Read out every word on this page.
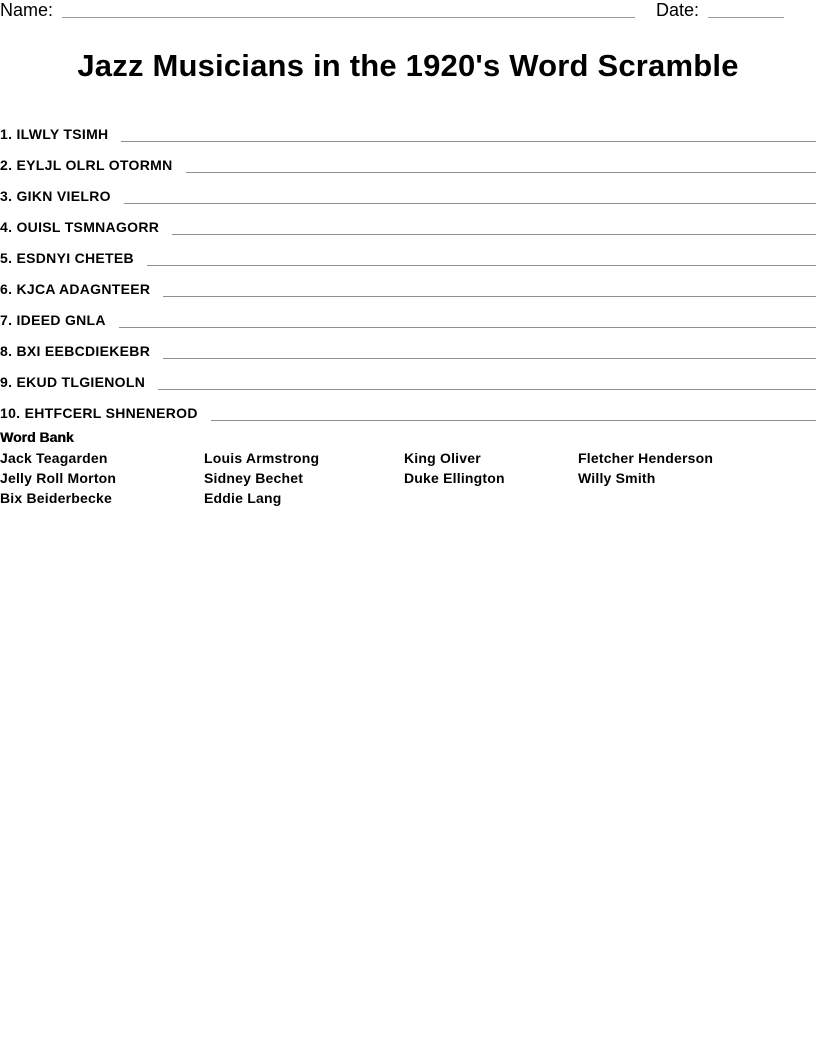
Name:	Date:
Jazz Musicians in the 1920's Word Scramble
1.
ILWLY TSIMH
2.
EYLJL OLRL OTORMN
3.
GIKN VIELRO
4.
OUISL TSMNAGORR
5.
ESDNYI CHETEB
6.
KJCA ADAGNTEER
7.
IDEED GNLA
8.
BXI EEBCDIEKEBR
9.
EKUD TLGIENOLN
10.
EHTFCERL SHNENEROD
Word Bank
Jack Teagarden	Louis Armstrong	King Oliver	Fletcher Henderson
Jelly Roll Morton	Sidney Bechet	Duke Ellington	Willy Smith
Bix Beiderbecke	Eddie Lang
